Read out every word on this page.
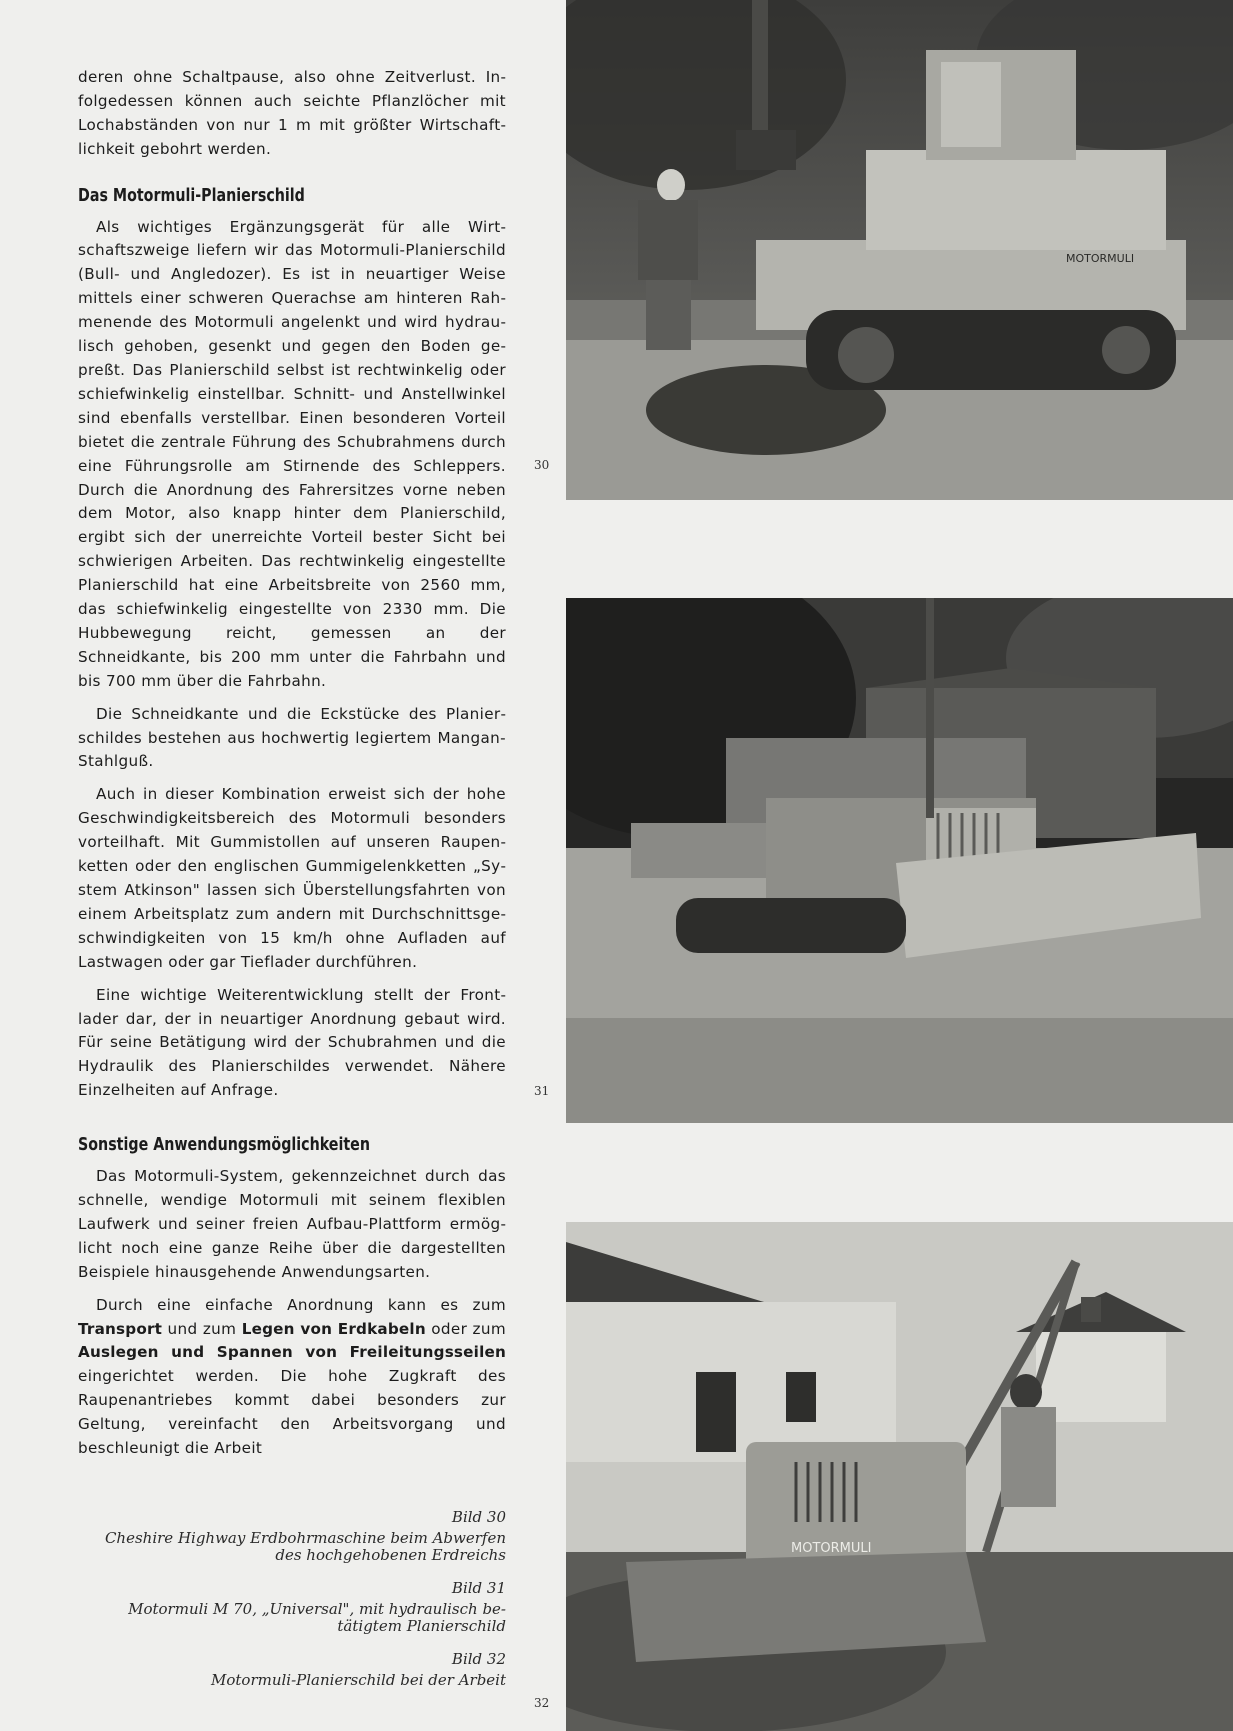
deren ohne Schaltpause, also ohne Zeitverlust. Infolgedessen können auch seichte Pflanzlöcher mit Lochabständen von nur 1 m mit größter Wirtschaftlichkeit gebohrt werden.

Das Motormuli-Planierschild

Als wichtiges Ergänzungsgerät für alle Wirtschaftszweige liefern wir das Motormuli-Planierschild (Bull- und Angledozer). Es ist in neuartiger Weise mittels einer schweren Querachse am hinteren Rahmenende des Motormuli angelenkt und wird hydraulisch gehoben, gesenkt und gegen den Boden gepreßt. Das Planierschild selbst ist rechtwinkelig oder schiefwinkelig einstellbar. Schnitt- und Anstellwinkel sind ebenfalls verstellbar. Einen besonderen Vorteil bietet die zentrale Führung des Schubrahmens durch eine Führungsrolle am Stirnende des Schleppers. Durch die Anordnung des Fahrersitzes vorne neben dem Motor, also knapp hinter dem Planierschild, ergibt sich der unerreichte Vorteil bester Sicht bei schwierigen Arbeiten. Das rechtwinkelig eingestellte Planierschild hat eine Arbeitsbreite von 2560 mm, das schiefwinkelig eingestellte von 2330 mm. Die Hubbewegung reicht, gemessen an der Schneidkante, bis 200 mm unter die Fahrbahn und bis 700 mm über die Fahrbahn.

Die Schneidkante und die Eckstücke des Planierschildes bestehen aus hochwertig legiertem Mangan-Stahlguß.

Auch in dieser Kombination erweist sich der hohe Geschwindigkeitsbereich des Motormuli besonders vorteilhaft. Mit Gummistollen auf unseren Raupenketten oder den englischen Gummigelenkketten „System Atkinson" lassen sich Überstellungsfahrten von einem Arbeitsplatz zum andern mit Durchschnittsgeschwindigkeiten von 15 km/h ohne Aufladen auf Lastwagen oder gar Tieflader durchführen.

Eine wichtige Weiterentwicklung stellt der Frontlader dar, der in neuartiger Anordnung gebaut wird. Für seine Betätigung wird der Schubrahmen und die Hydraulik des Planierschildes verwendet. Nähere Einzelheiten auf Anfrage.

Sonstige Anwendungsmöglichkeiten

Das Motormuli-System, gekennzeichnet durch das schnelle, wendige Motormuli mit seinem flexiblen Laufwerk und seiner freien Aufbau-Plattform ermöglicht noch eine ganze Reihe über die dargestellten Beispiele hinausgehende Anwendungsarten.

Durch eine einfache Anordnung kann es zum Transport und zum Legen von Erdkabeln oder zum Auslegen und Spannen von Freileitungsseilen eingerichtet werden. Die hohe Zugkraft des Raupenantriebes kommt dabei besonders zur Geltung, vereinfacht den Arbeitsvorgang und beschleunigt die Arbeit

Bild 30
Cheshire Highway Erdbohrmaschine beim Abwerfen des hochgehobenen Erdreichs
Bild 31
Motormuli M 70, „Universal", mit hydraulisch betätigtem Planierschild
Bild 32
Motormuli-Planierschild bei der Arbeit
30
31
32
MOTORMULI
MOTORMULI
